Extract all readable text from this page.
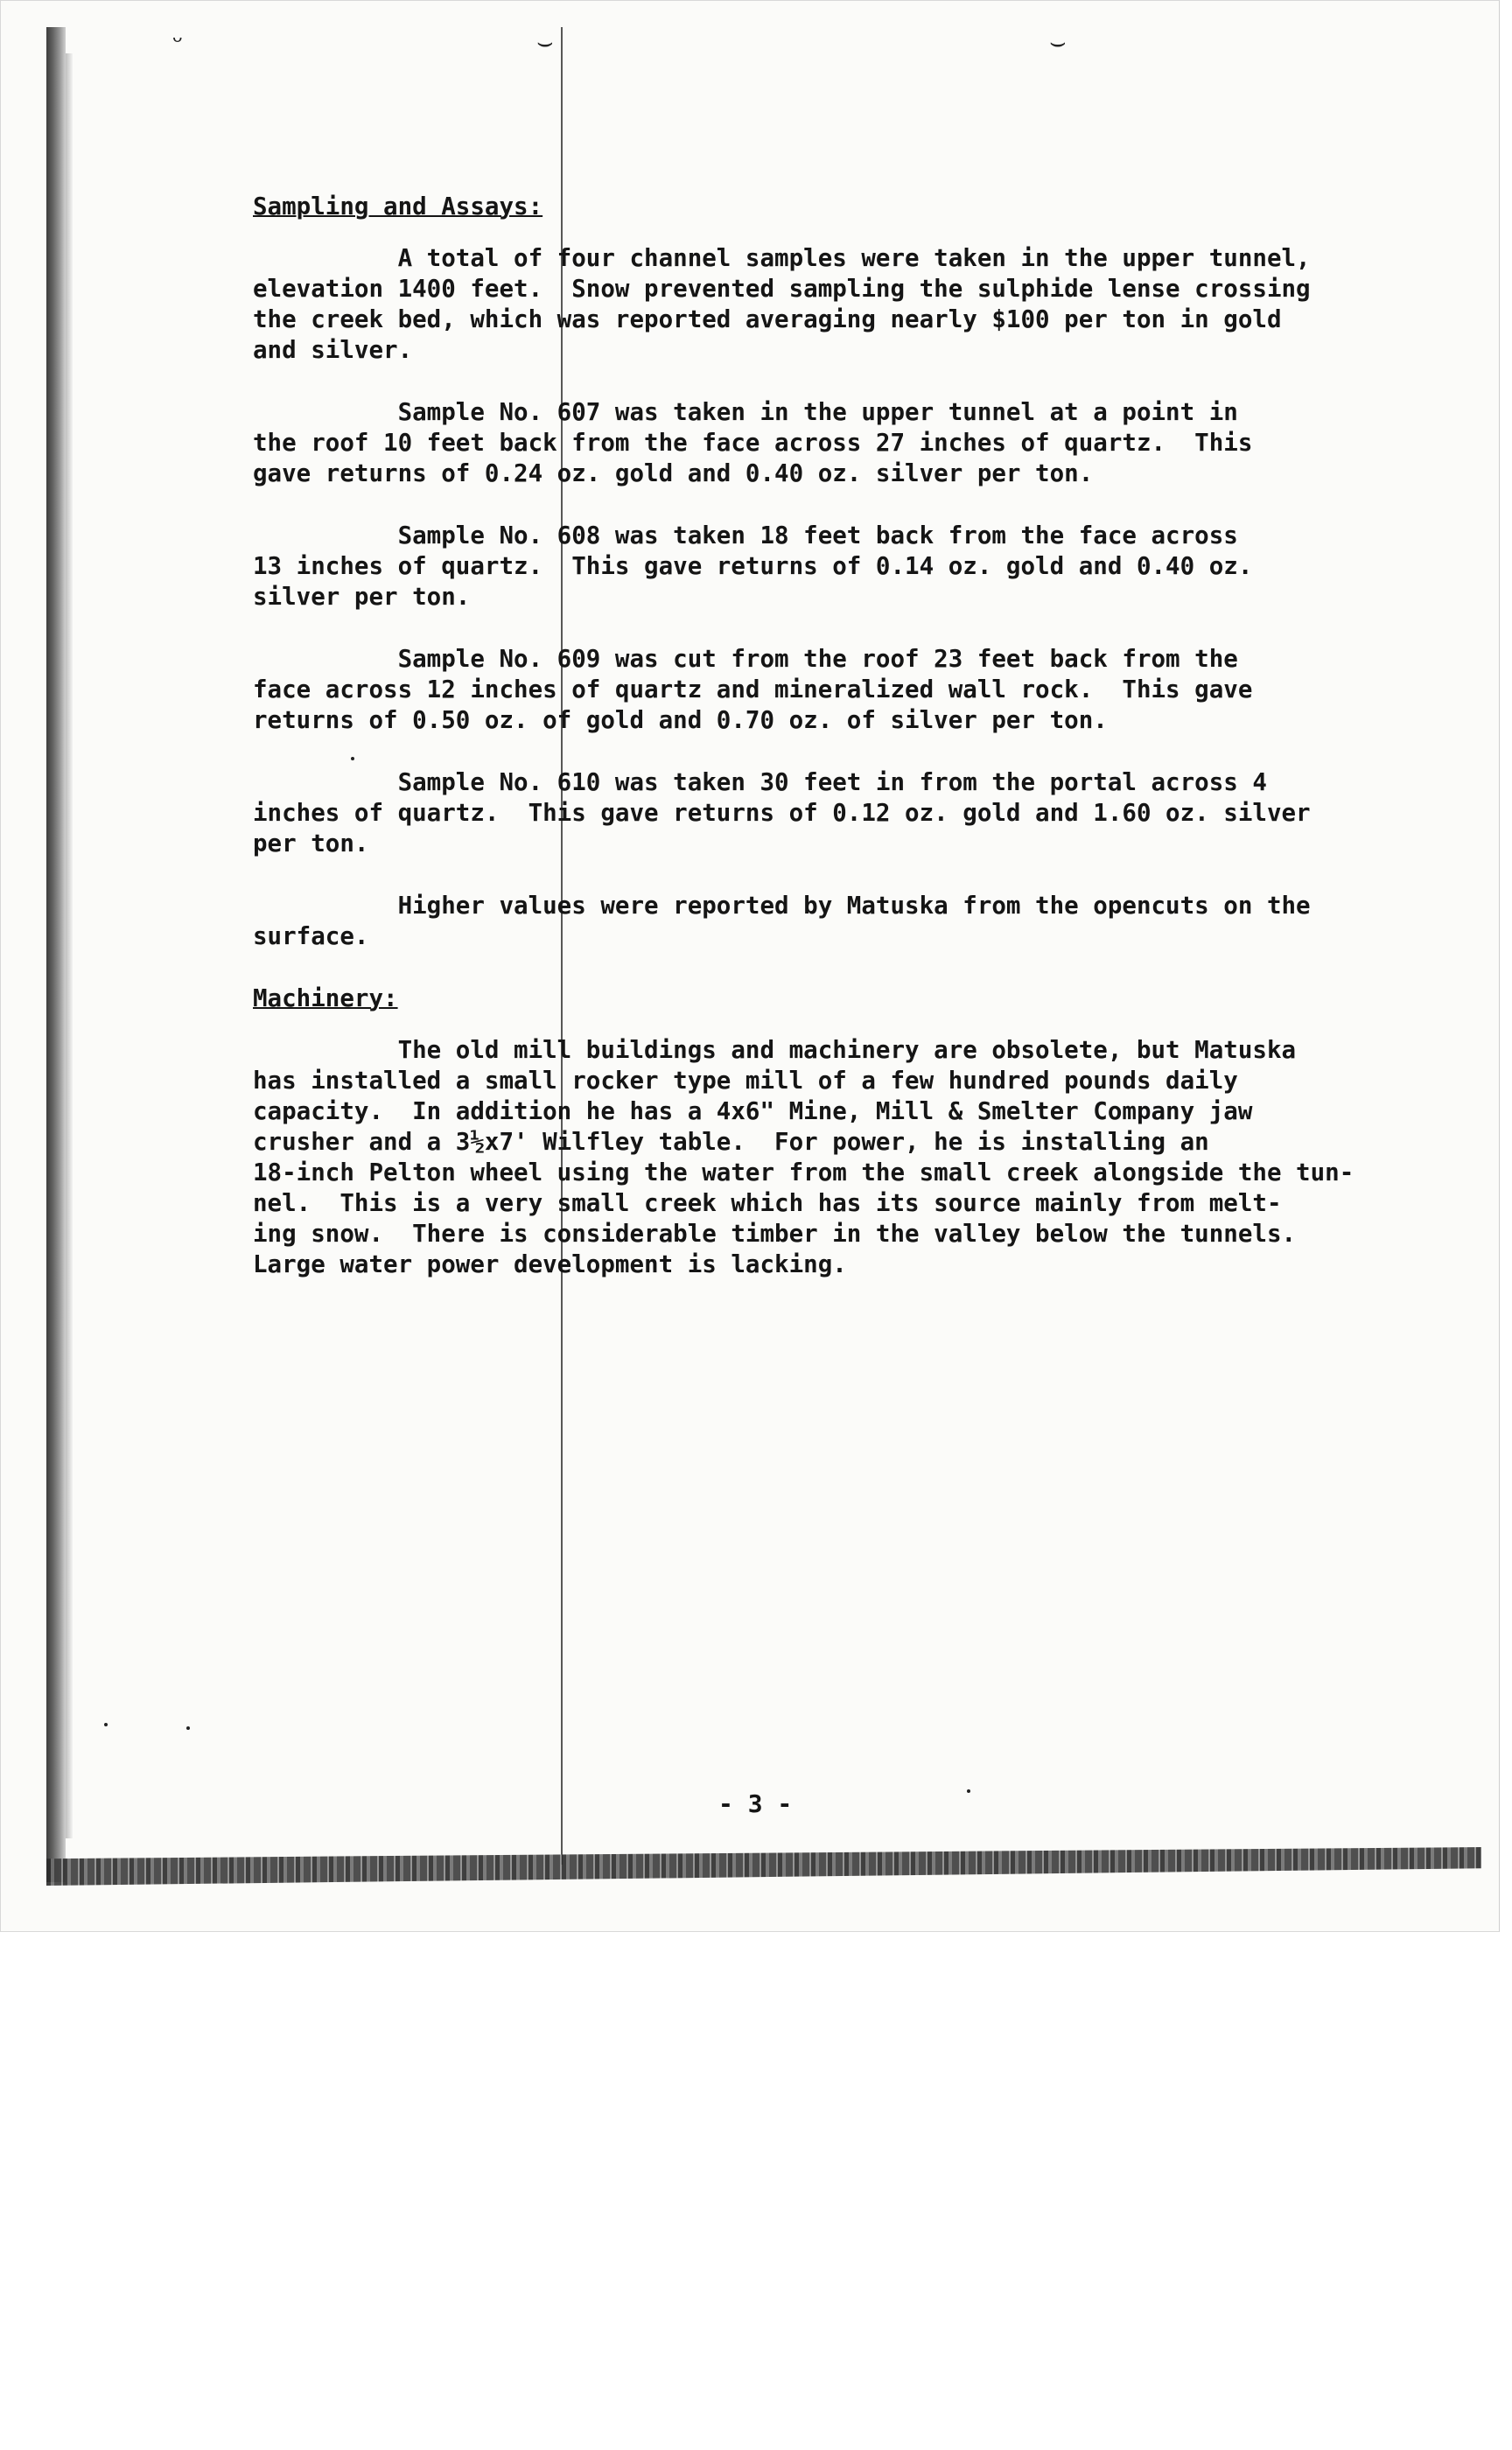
ᵕ	⌣	⌣
Sampling and Assays:

A total of four channel samples were taken in the upper tunnel,
elevation 1400 feet.  Snow prevented sampling the sulphide lense crossing
the creek bed, which was reported averaging nearly $100 per ton in gold
and silver.

Sample No. 607 was taken in the upper tunnel at a point in
the roof 10 feet back from the face across 27 inches of quartz.  This
gave returns of 0.24 oz. gold and 0.40 oz. silver per ton.

Sample No. 608 was taken 18 feet back from the face across
13 inches of quartz.  This gave returns of 0.14 oz. gold and 0.40 oz.
silver per ton.

Sample No. 609 was cut from the roof 23 feet back from the
face across 12 inches of quartz and mineralized wall rock.  This gave
returns of 0.50 oz. of gold and 0.70 oz. of silver per ton.

Sample No. 610 was taken 30 feet in from the portal across 4
inches of quartz.  This gave returns of 0.12 oz. gold and 1.60 oz. silver
per ton.

Higher values were reported by Matuska from the opencuts on the
surface.

Machinery:

The old mill buildings and machinery are obsolete, but Matuska
has installed a small rocker type mill of a few hundred pounds daily
capacity.  In addition he has a 4x6" Mine, Mill & Smelter Company jaw
crusher and a 3½x7' Wilfley table.  For power, he is installing an
18-inch Pelton wheel using the water from the small creek alongside the tun-
nel.  This is a very small creek which has its source mainly from melt-
ing snow.  There is considerable timber in the valley below the tunnels.
Large water power development is lacking.

- 3 -
